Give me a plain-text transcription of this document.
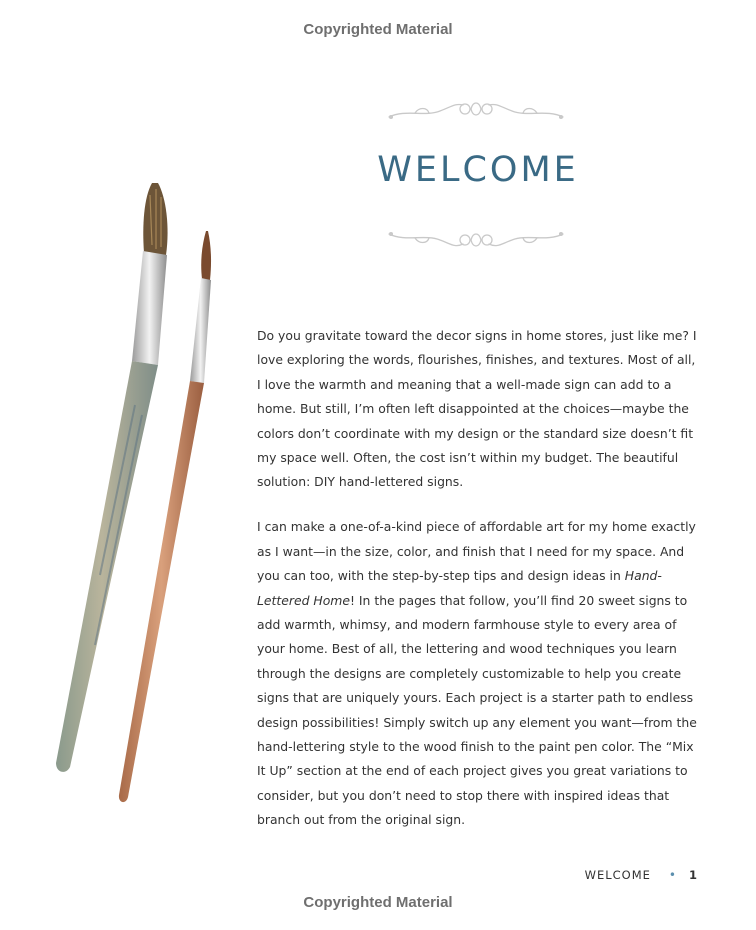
Copyrighted Material
WELCOME

Do you gravitate toward the decor signs in home stores, just like me? I love exploring the words, flourishes, finishes, and textures. Most of all, I love the warmth and meaning that a well-made sign can add to a home. But still, I’m often left disappointed at the choices—maybe the colors don’t coordinate with my design or the standard size doesn’t fit my space well. Often, the cost isn’t within my budget. The beautiful solution: DIY hand-lettered signs.

I can make a one-of-a-kind piece of affordable art for my home exactly as I want—in the size, color, and finish that I need for my space. And you can too, with the step-by-step tips and design ideas in Hand-Lettered Home! In the pages that follow, you’ll find 20 sweet signs to add warmth, whimsy, and modern farmhouse style to every area of your home. Best of all, the lettering and wood techniques you learn through the designs are completely customizable to help you create signs that are uniquely yours. Each project is a starter path to endless design possibilities! Simply switch up any element you want—from the hand-lettering style to the wood finish to the paint pen color. The “Mix It Up” section at the end of each project gives you great variations to consider, but you don’t need to stop there with inspired ideas that branch out from the original sign.

WELCOME • 1
Copyrighted Material
